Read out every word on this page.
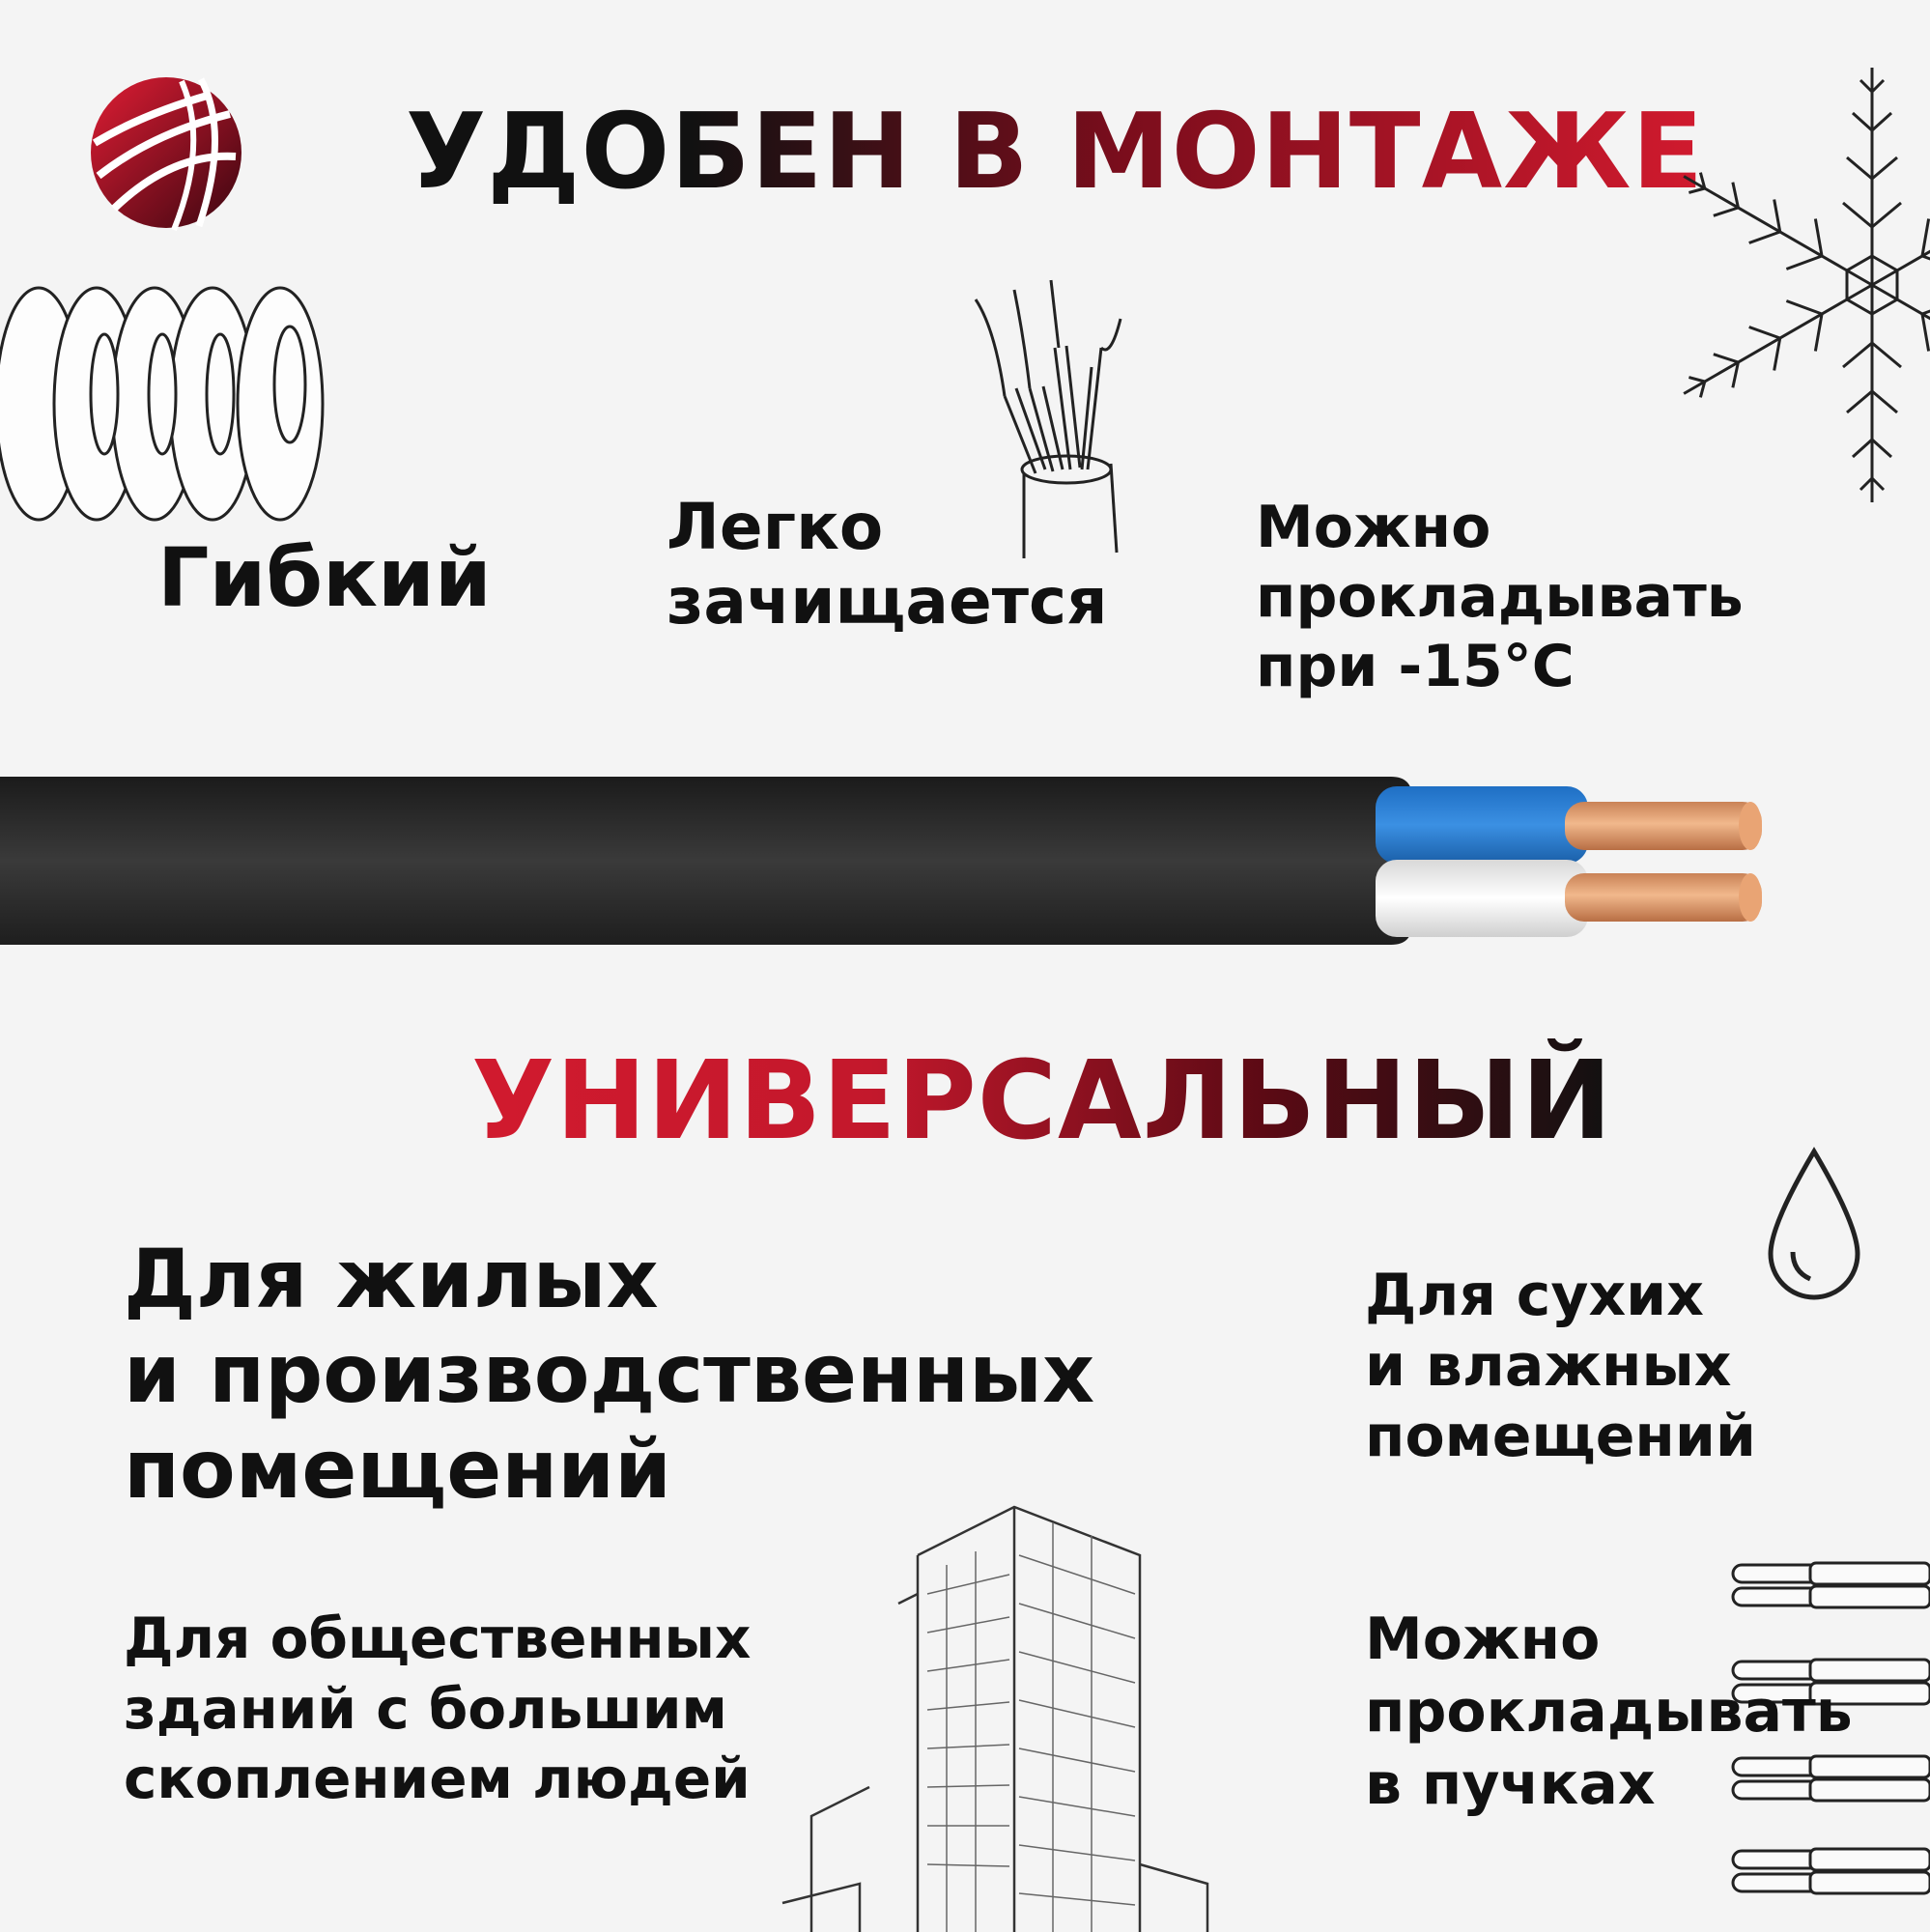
УДОБЕН В МОНТАЖЕ
Гибкий
Легко
зачищается
Можно
прокладывать
при -15°С
УНИВЕРСАЛЬНЫЙ
Для жилых
и производственных
помещений
Для сухих
и влажных
помещений
Для общественных
зданий с большим
скоплением людей
Можно
прокладывать
в пучках
